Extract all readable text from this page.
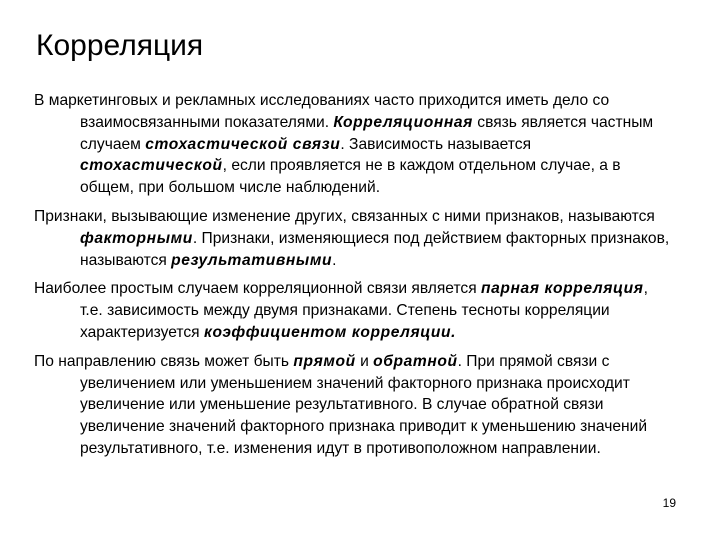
Корреляция

В маркетинговых и рекламных исследованиях часто приходится иметь дело со взаимосвязанными показателями. Корреляционная связь является частным случаем стохастической связи. Зависимость называется стохастической, если проявляется не в каждом отдельном случае, а в общем, при большом числе наблюдений.

Признаки, вызывающие изменение других, связанных с ними признаков, называются факторными. Признаки, изменяющиеся под действием факторных признаков, называются результативными.

Наиболее простым случаем корреляционной связи является парная корреляция, т.е. зависимость между двумя признаками. Степень тесноты корреляции характеризуется коэффициентом корреляции.

По направлению связь может быть прямой и обратной. При прямой связи с увеличением или уменьшением значений факторного признака происходит увеличение или уменьшение результативного. В случае обратной связи увеличение значений факторного признака приводит к уменьшению значений результативного, т.е. изменения идут в противоположном направлении.

19
